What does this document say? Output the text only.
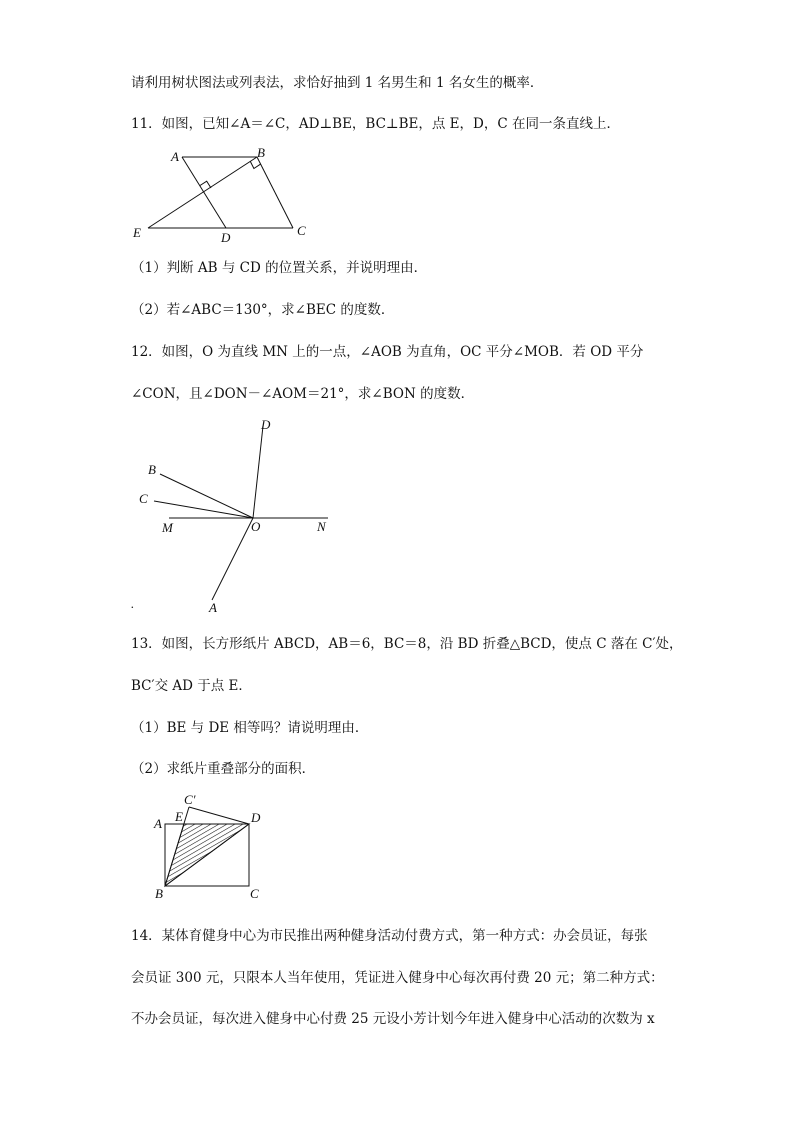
请利用树状图法或列表法，求恰好抽到 1 名男生和 1 名女生的概率．
11．如图，已知∠A＝∠C，AD⊥BE，BC⊥BE，点 E，D，C 在同一条直线上．
A	B
C
D
E
（1）判断 AB 与 CD 的位置关系，并说明理由．
（2）若∠ABC＝130°，求∠BEC 的度数．
12．如图，O 为直线 MN 上的一点，∠AOB 为直角，OC 平分∠MOB．若 OD 平分
∠CON，且∠DON－∠AOM＝21°，求∠BON 的度数．
D
B
C
M	O	N
A
.
13．如图，长方形纸片 ABCD，AB＝6，BC＝8，沿 BD 折叠△BCD，使点 C 落在 C′处，
BC′交 AD 于点 E．
（1）BE 与 DE 相等吗？请说明理由．
（2）求纸片重叠部分的面积．
C′
A E	D
B	C
14．某体育健身中心为市民推出两种健身活动付费方式，第一种方式：办会员证，每张
会员证 300 元，只限本人当年使用，凭证进入健身中心每次再付费 20 元；第二种方式：
不办会员证，每次进入健身中心付费 25 元设小芳计划今年进入健身中心活动的次数为 x
